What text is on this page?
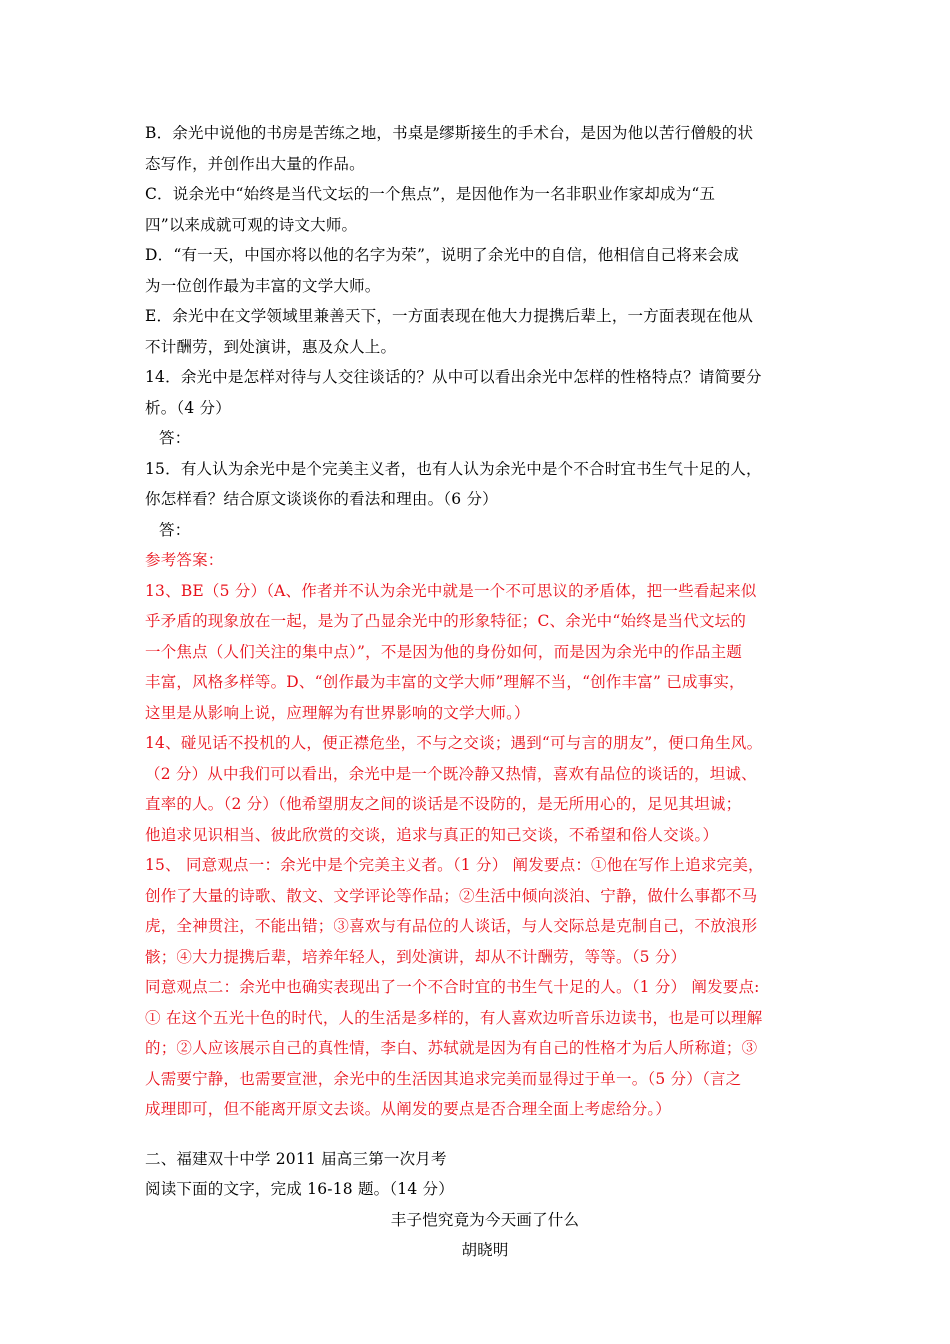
B．余光中说他的书房是苦练之地，书桌是缪斯接生的手术台，是因为他以苦行僧般的状
态写作，并创作出大量的作品。
C．说余光中“始终是当代文坛的一个焦点”，是因他作为一名非职业作家却成为“五
四”以来成就可观的诗文大师。
D．“有一天，中国亦将以他的名字为荣”，说明了余光中的自信，他相信自己将来会成
为一位创作最为丰富的文学大师。
E．余光中在文学领域里兼善天下，一方面表现在他大力提携后辈上，一方面表现在他从
不计酬劳，到处演讲，惠及众人上。
14．余光中是怎样对待与人交往谈话的？从中可以看出余光中怎样的性格特点？请简要分
析。（4 分）
答：
15．有人认为余光中是个完美主义者，也有人认为余光中是个不合时宜书生气十足的人，
你怎样看？结合原文谈谈你的看法和理由。（6 分）
答：
参考答案：
13、BE（5 分）（A、作者并不认为余光中就是一个不可思议的矛盾体，把一些看起来似
乎矛盾的现象放在一起，是为了凸显余光中的形象特征；C、余光中“始终是当代文坛的
一个焦点（人们关注的集中点）”，不是因为他的身份如何，而是因为余光中的作品主题
丰富，风格多样等。D、“创作最为丰富的文学大师”理解不当，“创作丰富” 已成事实，
这里是从影响上说，应理解为有世界影响的文学大师。）
14、碰见话不投机的人，便正襟危坐，不与之交谈；遇到“可与言的朋友”，便口角生风。
（2 分）从中我们可以看出，余光中是一个既冷静又热情，喜欢有品位的谈话的，坦诚、
直率的人。（2 分）（他希望朋友之间的谈话是不设防的，是无所用心的，足见其坦诚；
他追求见识相当、彼此欣赏的交谈，追求与真正的知己交谈，不希望和俗人交谈。）
15、 同意观点一：余光中是个完美主义者。（1 分） 阐发要点：①他在写作上追求完美，
创作了大量的诗歌、散文、文学评论等作品；②生活中倾向淡泊、宁静，做什么事都不马
虎，全神贯注，不能出错；③喜欢与有品位的人谈话，与人交际总是克制自己，不放浪形
骸；④大力提携后辈，培养年轻人，到处演讲，却从不计酬劳，等等。（5 分）
同意观点二：余光中也确实表现出了一个不合时宜的书生气十足的人。（1 分） 阐发要点:
① 在这个五光十色的时代，人的生活是多样的，有人喜欢边听音乐边读书，也是可以理解
的；②人应该展示自己的真性情，李白、苏轼就是因为有自己的性格才为后人所称道；③
人需要宁静，也需要宣泄，余光中的生活因其追求完美而显得过于单一。（5 分）（言之
成理即可，但不能离开原文去谈。从阐发的要点是否合理全面上考虑给分。）
二、福建双十中学 2011 届高三第一次月考
阅读下面的文字，完成 16-18 题。（14 分）
丰子恺究竟为今天画了什么
胡晓明
